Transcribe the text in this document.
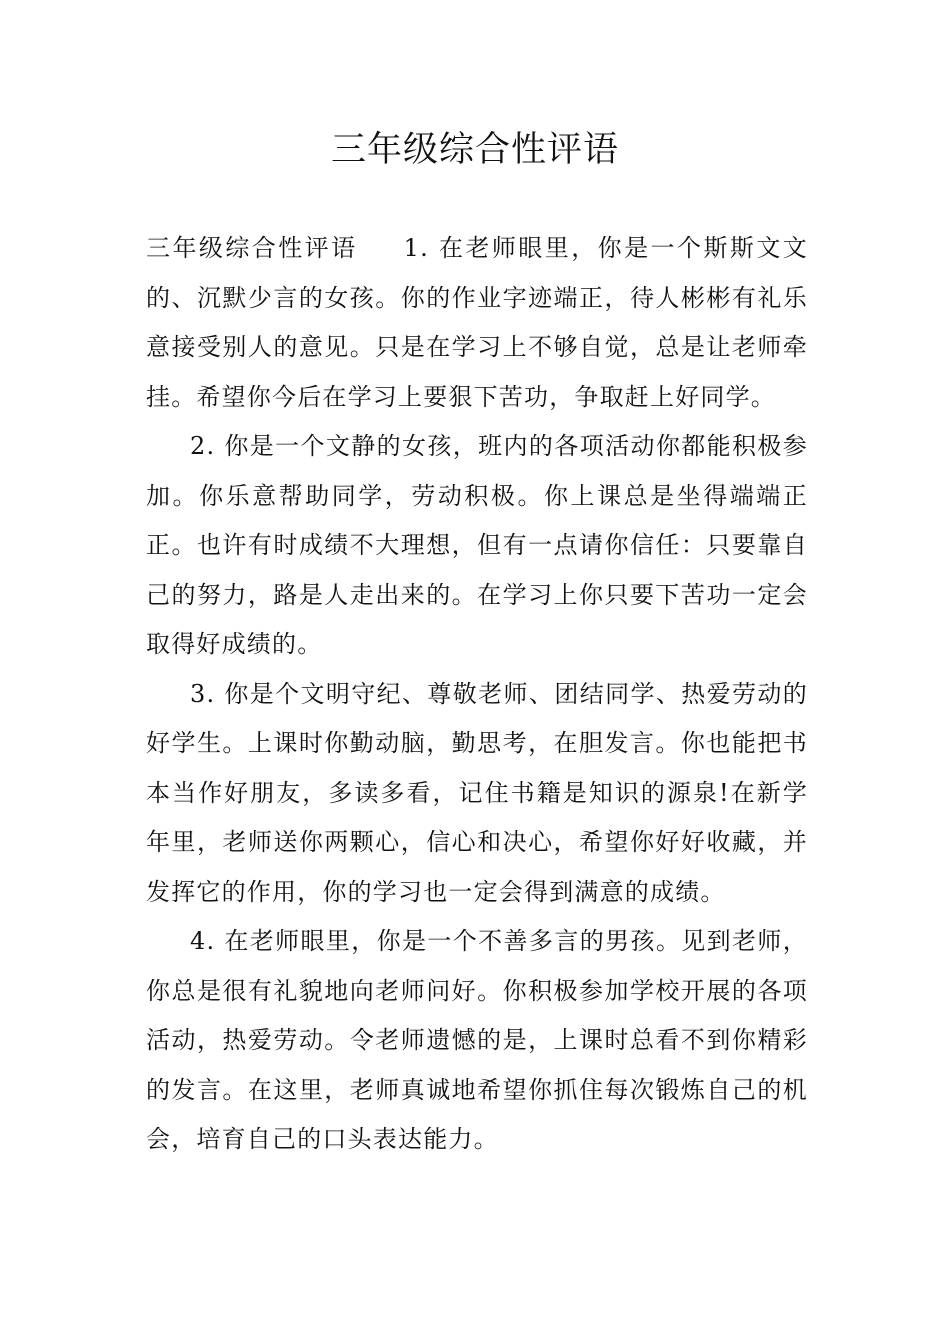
三年级综合性评语

三年级综合性评语 1. 在老师眼里，你是一个斯斯文文的、沉默少言的女孩。你的作业字迹端正，待人彬彬有礼乐意接受别人的意见。只是在学习上不够自觉，总是让老师牵挂。希望你今后在学习上要狠下苦功，争取赶上好同学。

2. 你是一个文静的女孩，班内的各项活动你都能积极参加。你乐意帮助同学，劳动积极。你上课总是坐得端端正正。也许有时成绩不大理想，但有一点请你信任：只要靠自己的努力，路是人走出来的。在学习上你只要下苦功一定会取得好成绩的。

3. 你是个文明守纪、尊敬老师、团结同学、热爱劳动的好学生。上课时你勤动脑，勤思考，在胆发言。你也能把书本当作好朋友，多读多看，记住书籍是知识的源泉!在新学年里，老师送你两颗心，信心和决心，希望你好好收藏，并发挥它的作用，你的学习也一定会得到满意的成绩。

4. 在老师眼里，你是一个不善多言的男孩。见到老师，你总是很有礼貌地向老师问好。你积极参加学校开展的各项活动，热爱劳动。令老师遗憾的是，上课时总看不到你精彩的发言。在这里，老师真诚地希望你抓住每次锻炼自己的机会，培育自己的口头表达能力。
